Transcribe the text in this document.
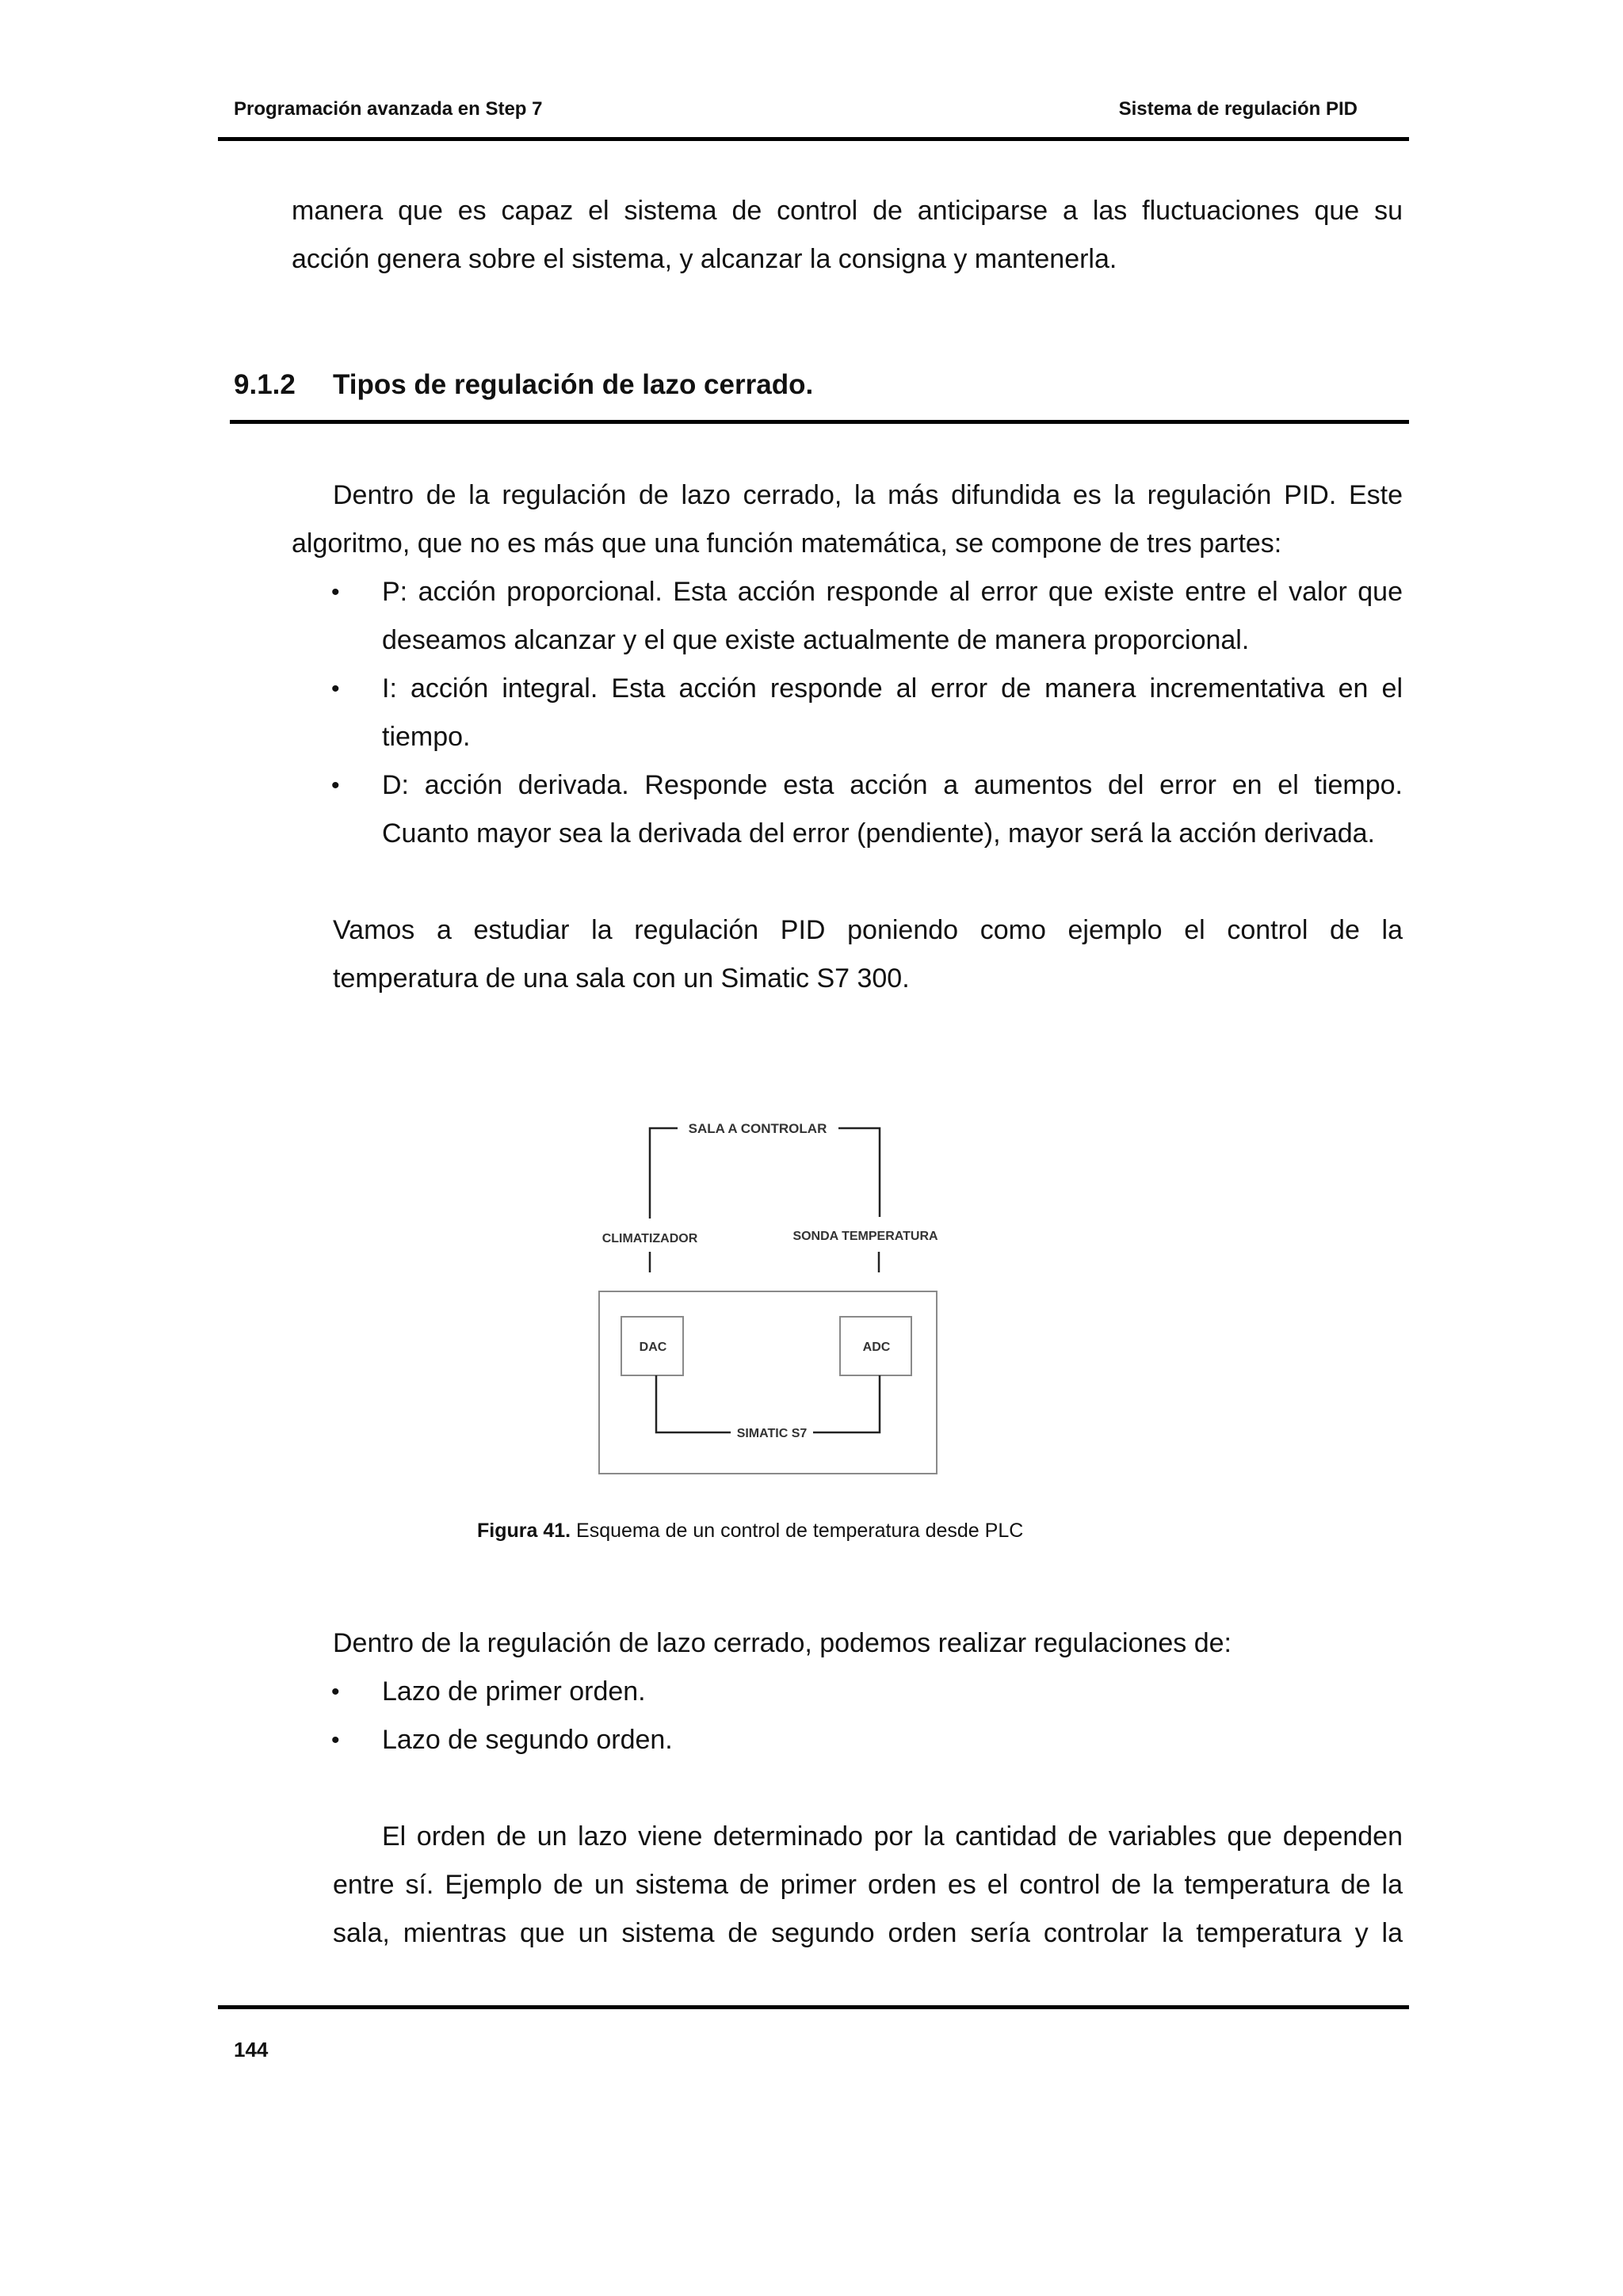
Programación avanzada en Step 7	Sistema de regulación PID
manera que es capaz el sistema de control de anticiparse a las fluctuaciones que su
acción genera sobre el sistema, y alcanzar la consigna y mantenerla.
9.1.2 Tipos de regulación de lazo cerrado.
Dentro de la regulación de lazo cerrado, la más difundida es la regulación PID. Este
algoritmo, que no es más que una función matemática, se compone de tres partes:
• P: acción proporcional. Esta acción responde al error que existe entre el valor que
deseamos alcanzar y el que existe actualmente de manera proporcional.
• I: acción integral. Esta acción responde al error de manera incrementativa en el
tiempo.
• D: acción derivada. Responde esta acción a aumentos del error en el tiempo.
Cuanto mayor sea la derivada del error (pendiente), mayor será la acción derivada.
Vamos a estudiar la regulación PID poniendo como ejemplo el control de la
temperatura de una sala con un Simatic S7 300.
SALA A CONTROLAR
CLIMATIZADOR	SONDA TEMPERATURA
DAC	ADC
SIMATIC S7
Figura 41. Esquema de un control de temperatura desde PLC
Dentro de la regulación de lazo cerrado, podemos realizar regulaciones de:
• Lazo de primer orden.
• Lazo de segundo orden.
El orden de un lazo viene determinado por la cantidad de variables que dependen
entre sí. Ejemplo de un sistema de primer orden es el control de la temperatura de la
sala, mientras que un sistema de segundo orden sería controlar la temperatura y la
144
